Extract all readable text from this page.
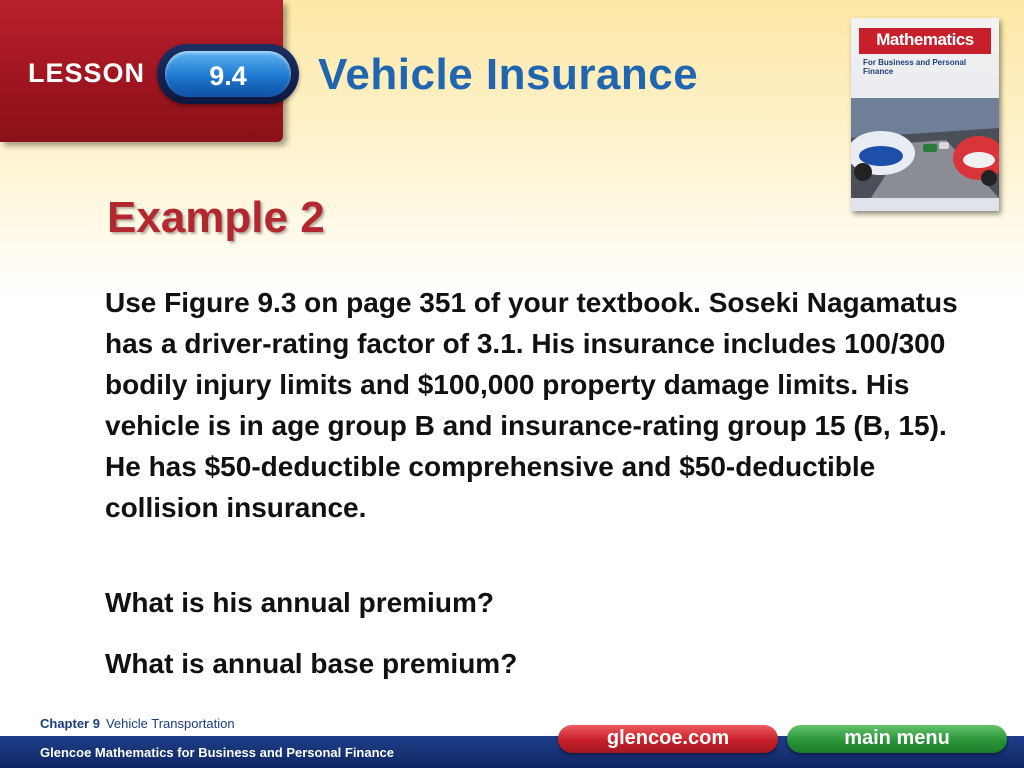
LESSON	9.4	Vehicle Insurance
Mathematics
For Business and Personal Finance
Example 2

Use Figure 9.3 on page 351 of your textbook. Soseki Nagamatus has a driver-rating factor of 3.1. His insurance includes 100/300 bodily injury limits and $100,000 property damage limits. His vehicle is in age group B and insurance-rating group 15 (B, 15). He has $50-deductible comprehensive and $50-deductible collision insurance.

What is his annual premium?

What is annual base premium?

Chapter 9 Vehicle Transportation
Glencoe Mathematics for Business and Personal Finance
glencoe.com	main menu
